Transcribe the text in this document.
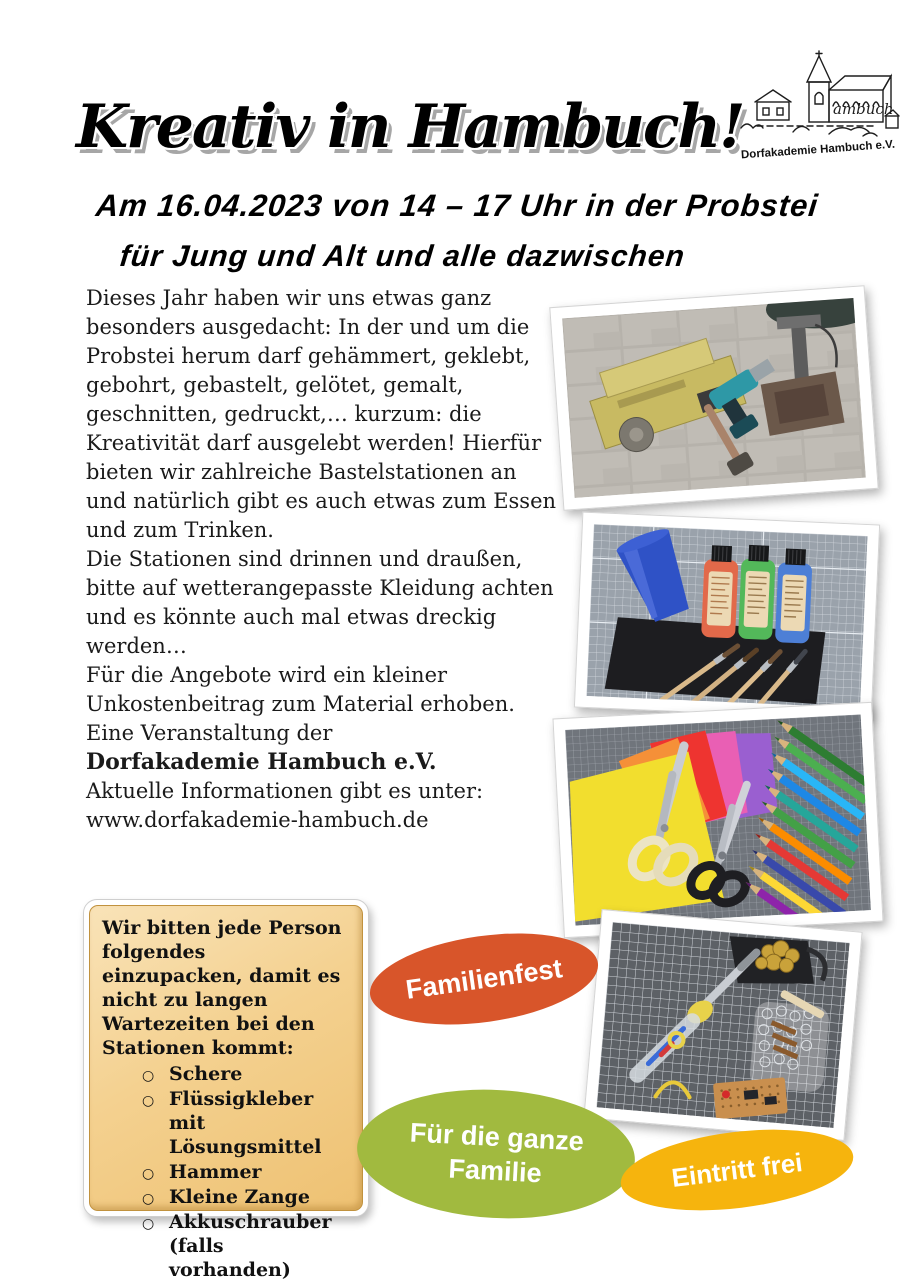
Kreativ in Hambuch!	ambuch
Dorfakademie Hambuch e.V.
Am 16.04.2023 von 14 – 17 Uhr in der Probstei
für Jung und Alt und alle dazwischen

Dieses Jahr haben wir uns etwas ganz besonders ausgedacht: In der und um die Probstei herum darf gehämmert, geklebt, gebohrt, gebastelt, gelötet, gemalt, geschnitten, gedruckt,… kurzum: die Kreativität darf ausgelebt werden! Hierfür bieten wir zahlreiche Bastelstationen an und natürlich gibt es auch etwas zum Essen und zum Trinken.

Die Stationen sind drinnen und draußen, bitte auf wetterangepasste Kleidung achten und es könnte auch mal etwas dreckig werden…

Für die Angebote wird ein kleiner Unkostenbeitrag zum Material erhoben.

Eine Veranstaltung der

Dorfakademie Hambuch e.V.

Aktuelle Informationen gibt es unter:

www.dorfakademie-hambuch.de

Wir bitten jede Person folgendes einzupacken, damit es nicht zu langen Wartezeiten bei den Stationen kommt:
○ Schere
○ Flüssigkleber mit Lösungsmittel
○ Hammer
○ Kleine Zange
○ Akkuschrauber (falls vorhanden)
Familienfest
Für die ganze Familie	Eintritt frei
